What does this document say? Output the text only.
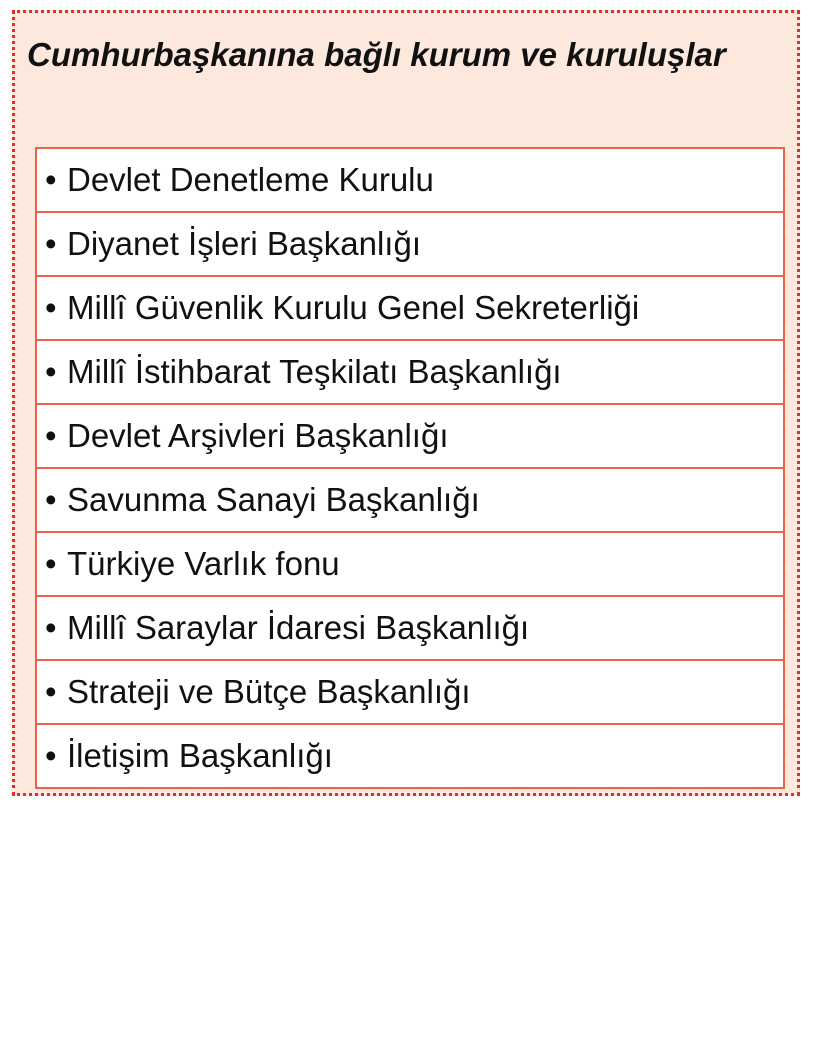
Cumhurbaşkanına bağlı kurum ve kuruluşlar
• Devlet Denetleme Kurulu
• Diyanet İşleri Başkanlığı
• Millî Güvenlik Kurulu Genel Sekreterliği
• Millî İstihbarat Teşkilatı Başkanlığı
• Devlet Arşivleri Başkanlığı
• Savunma Sanayi Başkanlığı
• Türkiye Varlık fonu
• Millî Saraylar İdaresi Başkanlığı
• Strateji ve Bütçe Başkanlığı
• İletişim Başkanlığı
